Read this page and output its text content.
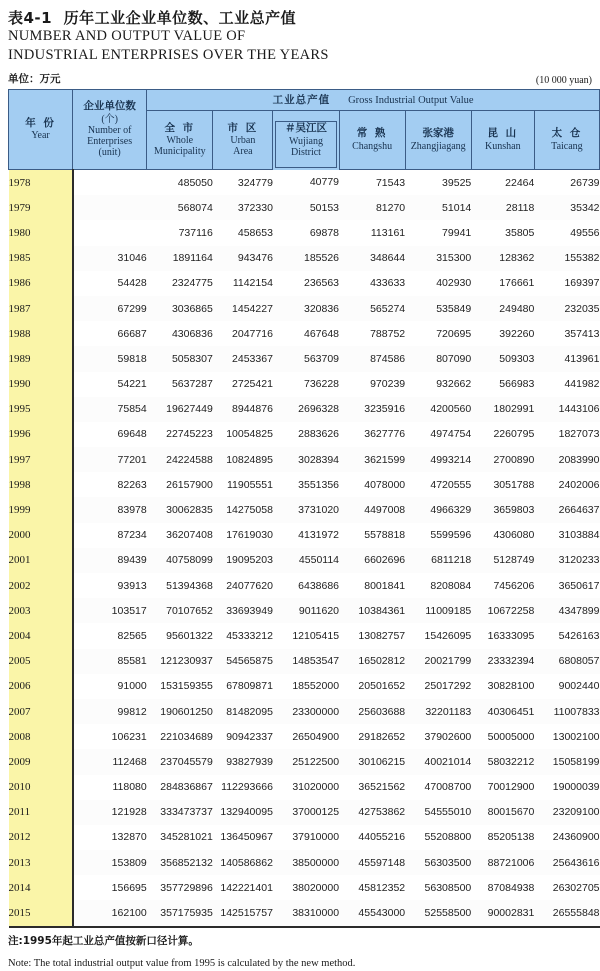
表4-1 历年工业企业单位数、工业总产值
NUMBER AND OUTPUT VALUE OF
INDUSTRIAL ENTERPRISES OVER THE YEARS
单位：万元	(10 000 yuan)
年 份
Year	企业单位数
(个)
Number of
Enterprises
(unit)	工业总产值 Gross Industrial Output Value						

		全 市
Whole
Municipality	市 区
Urban
Area	＃吴江区
Wujiang
District	常 熟
Changshu	张家港
Zhangjiagang	昆 山
Kunshan	太 仓
Taicang

1978		485050	324779	40779	71543	39525	22464	26739
1979		568074	372330	50153	81270	51014	28118	35342
1980		737116	458653	69878	113161	79941	35805	49556
1985	31046	1891164	943476	185526	348644	315300	128362	155382
1986	54428	2324775	1142154	236563	433633	402930	176661	169397
1987	67299	3036865	1454227	320836	565274	535849	249480	232035
1988	66687	4306836	2047716	467648	788752	720695	392260	357413
1989	59818	5058307	2453367	563709	874586	807090	509303	413961
1990	54221	5637287	2725421	736228	970239	932662	566983	441982
1995	75854	19627449	8944876	2696328	3235916	4200560	1802991	1443106
1996	69648	22745223	10054825	2883626	3627776	4974754	2260795	1827073
1997	77201	24224588	10824895	3028394	3621599	4993214	2700890	2083990
1998	82263	26157900	11905551	3551356	4078000	4720555	3051788	2402006
1999	83978	30062835	14275058	3731020	4497008	4966329	3659803	2664637
2000	87234	36207408	17619030	4131972	5578818	5599596	4306080	3103884
2001	89439	40758099	19095203	4550114	6602696	6811218	5128749	3120233
2002	93913	51394368	24077620	6438686	8001841	8208084	7456206	3650617
2003	103517	70107652	33693949	9011620	10384361	11009185	10672258	4347899
2004	82565	95601322	45333212	12105415	13082757	15426095	16333095	5426163
2005	85581	121230937	54565875	14853547	16502812	20021799	23332394	6808057
2006	91000	153159355	67809871	18552000	20501652	25017292	30828100	9002440
2007	99812	190601250	81482095	23300000	25603688	32201183	40306451	11007833
2008	106231	221034689	90942337	26504900	29182652	37902600	50005000	13002100
2009	112468	237045579	93827939	25122500	30106215	40021014	58032212	15058199
2010	118080	284836867	112293666	31020000	36521562	47008700	70012900	19000039
2011	121928	333473737	132940095	37000125	42753862	54555010	80015670	23209100
2012	132870	345281021	136450967	37910000	44055216	55208800	85205138	24360900
2013	153809	356852132	140586862	38500000	45597148	56303500	88721006	25643616
2014	156695	357729896	142221401	38020000	45812352	56308500	87084938	26302705
2015	162100	357175935	142515757	38310000	45543000	52558500	90002831	26555848
注:1995年起工业总产值按新口径计算。
Note: The total industrial output value from 1995 is calculated by the new method.
